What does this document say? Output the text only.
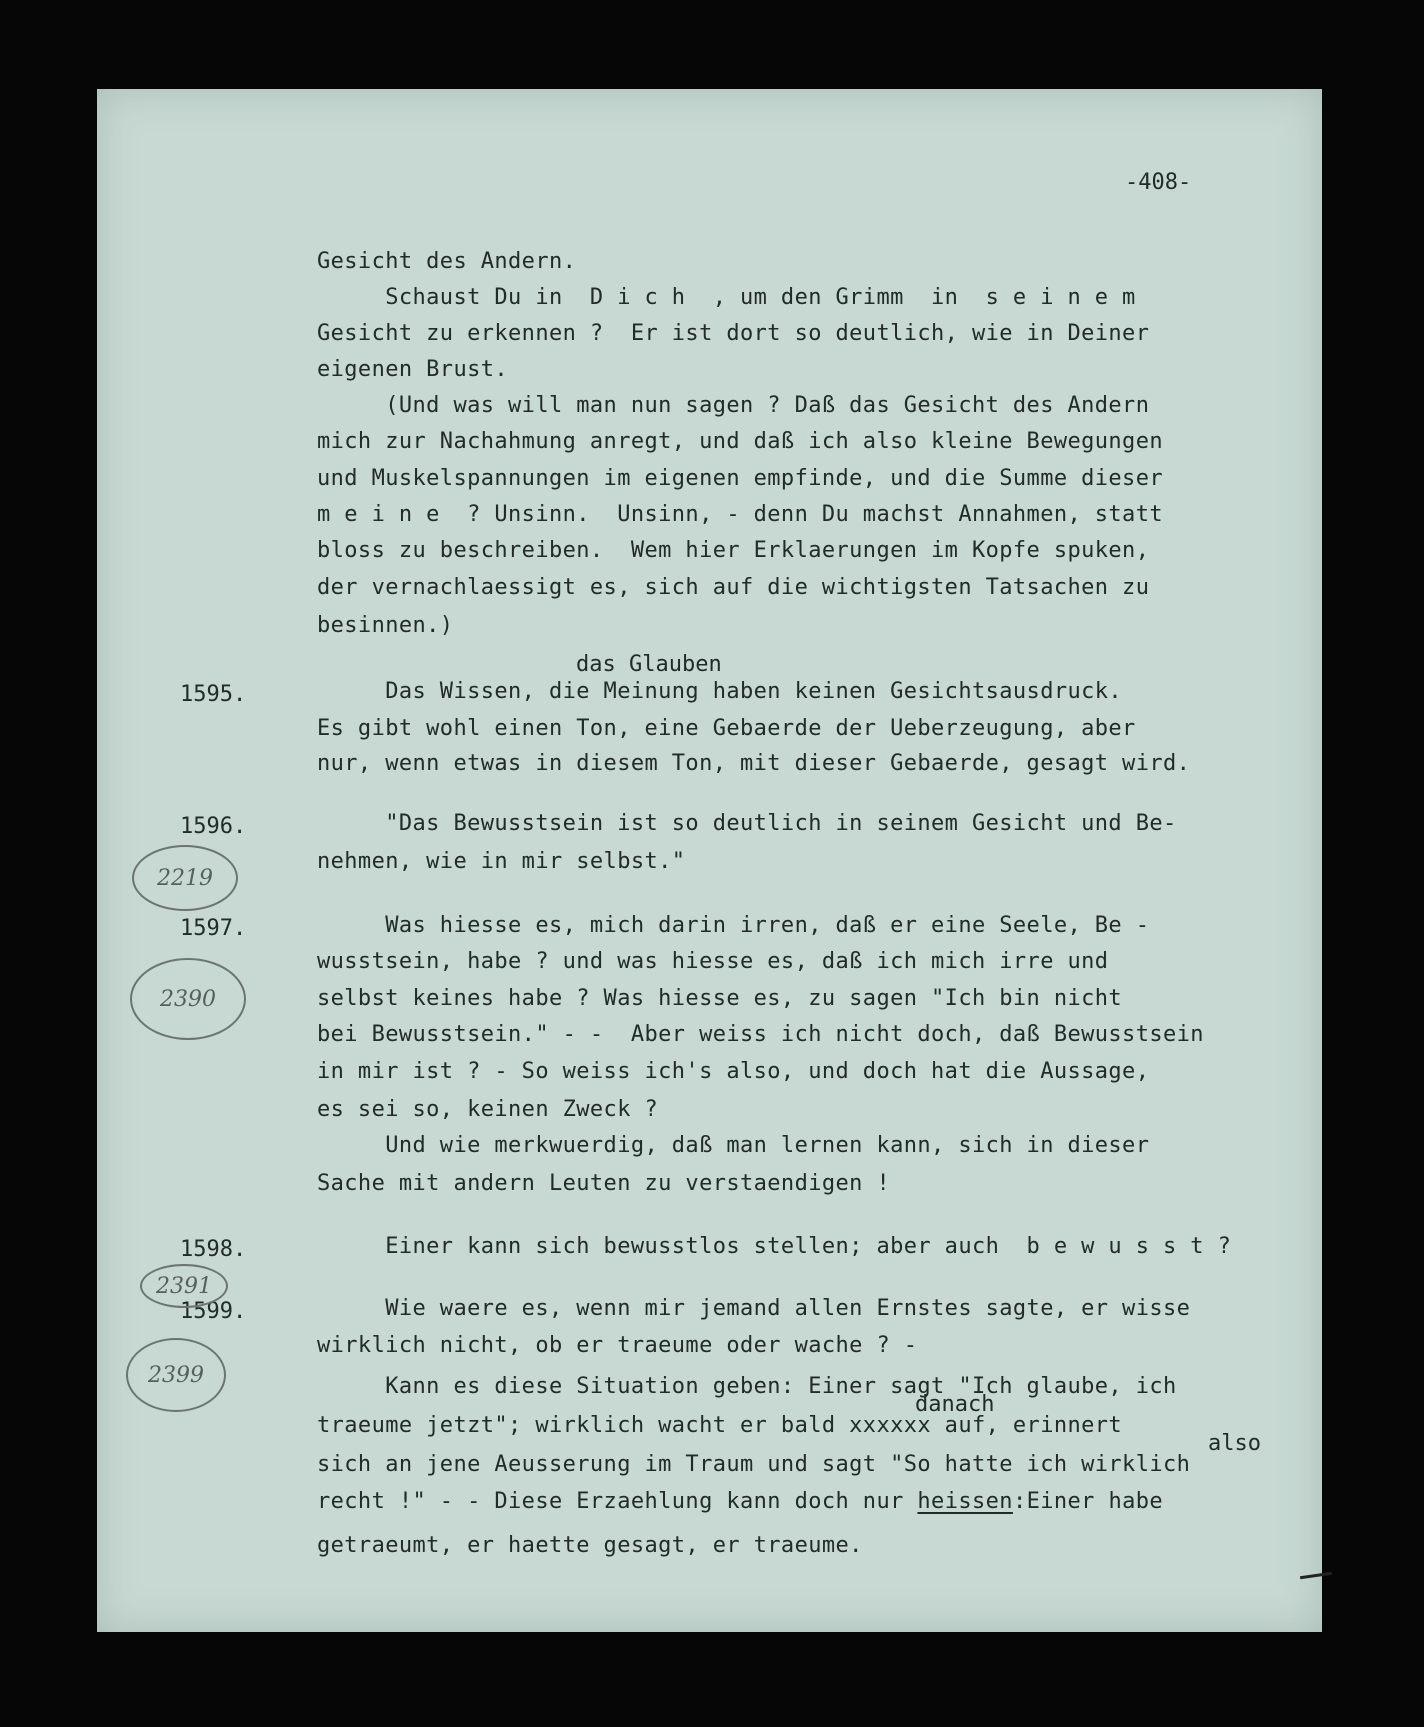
-408-
Gesicht des Andern.
Schaust Du in  D i c h  , um den Grimm  in  s e i n e m
Gesicht zu erkennen ?  Er ist dort so deutlich, wie in Deiner
eigenen Brust.
(Und was will man nun sagen ? Daß das Gesicht des Andern
mich zur Nachahmung anregt, und daß ich also kleine Bewegungen
und Muskelspannungen im eigenen empfinde, und die Summe dieser
m e i n e  ? Unsinn.  Unsinn, - denn Du machst Annahmen, statt
bloss zu beschreiben.  Wem hier Erklaerungen im Kopfe spuken,
der vernachlaessigt es, sich auf die wichtigsten Tatsachen zu
besinnen.)
das Glauben
Das Wissen, die Meinung haben keinen Gesichtsausdruck.
Es gibt wohl einen Ton, eine Gebaerde der Ueberzeugung, aber
nur, wenn etwas in diesem Ton, mit dieser Gebaerde, gesagt wird.
"Das Bewusstsein ist so deutlich in seinem Gesicht und Be-
nehmen, wie in mir selbst."
Was hiesse es, mich darin irren, daß er eine Seele, Be -
wusstsein, habe ? und was hiesse es, daß ich mich irre und
selbst keines habe ? Was hiesse es, zu sagen "Ich bin nicht
bei Bewusstsein." - -  Aber weiss ich nicht doch, daß Bewusstsein
in mir ist ? - So weiss ich's also, und doch hat die Aussage,
es sei so, keinen Zweck ?
Und wie merkwuerdig, daß man lernen kann, sich in dieser
Sache mit andern Leuten zu verstaendigen !
Einer kann sich bewusstlos stellen; aber auch  b e w u s s t ?
Wie waere es, wenn mir jemand allen Ernstes sagte, er wisse
wirklich nicht, ob er traeume oder wache ? -
Kann es diese Situation geben: Einer sagt "Ich glaube, ich
danach
traeume jetzt"; wirklich wacht er bald xxxxxx auf, erinnert
also
sich an jene Aeusserung im Traum und sagt "So hatte ich wirklich
recht !" - - Diese Erzaehlung kann doch nur heissen:Einer habe
getraeumt, er haette gesagt, er traeume.
1595.
1596.
1597.
1598.
1599.
2219
2390
2391
2399
